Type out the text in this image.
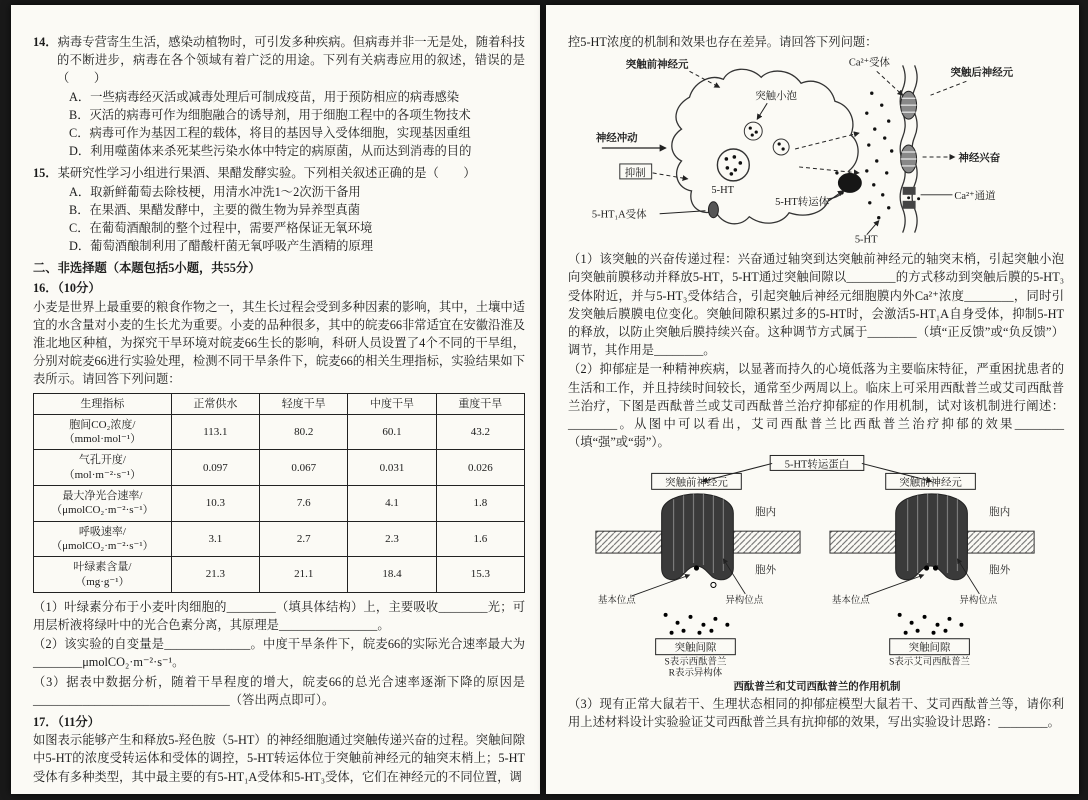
14．病毒专营寄生生活，感染动植物时，可引发多种疾病。但病毒并非一无是处，随着科技的不断进步，病毒在各个领域有着广泛的用途。下列有关病毒应用的叙述，错误的是（　　）

A．一些病毒经灭活或减毒处理后可制成疫苗，用于预防相应的病毒感染

B．灭活的病毒可作为细胞融合的诱导剂，用于细胞工程中的各项生物技术

C．病毒可作为基因工程的载体，将目的基因导入受体细胞，实现基因重组

D．利用噬菌体来杀死某些污染水体中特定的病原菌，从而达到消毒的目的

15．某研究性学习小组进行果酒、果醋发酵实验。下列相关叙述正确的是（　　）

A．取新鲜葡萄去除枝梗，用清水冲洗1～2次沥干备用

B．在果酒、果醋发酵中，主要的微生物为异养型真菌

C．在葡萄酒酿制的整个过程中，需要严格保证无氧环境

D．葡萄酒酿制利用了醋酸杆菌无氧呼吸产生酒精的原理

二、非选择题（本题包括5小题，共55分）

16．（10分）

小麦是世界上最重要的粮食作物之一，其生长过程会受到多种因素的影响，其中，土壤中适宜的水含量对小麦的生长尤为重要。小麦的品种很多，其中的皖麦66非常适宜在安徽沿淮及淮北地区种植，为探究干旱环境对皖麦66生长的影响，科研人员设置了4个不同的干旱组，分别对皖麦66进行实验处理，检测不同干旱条件下，皖麦66的相关生理指标，实验结果如下表所示。请回答下列问题：

生理指标	正常供水	轻度干旱	中度干旱	重度干旱

胞间CO₂浓度/
（mmol·mol⁻¹）	113.1	80.2	60.1	43.2

气孔开度/
（mol·m⁻²·s⁻¹）	0.097	0.067	0.031	0.026

最大净光合速率/
（μmolCO₂·m⁻²·s⁻¹）	10.3	7.6	4.1	1.8

呼吸速率/
（μmolCO₂·m⁻²·s⁻¹）	3.1	2.7	2.3	1.6

叶绿素含量/
（mg·g⁻¹）	21.3	21.1	18.4	15.3

（1）叶绿素分布于小麦叶肉细胞的________（填具体结构）上，主要吸收________光；可用层析液将绿叶中的光合色素分离，其原理是________________。

（2）该实验的自变量是______________。中度干旱条件下，皖麦66的实际光合速率最大为________μmolCO₂·m⁻²·s⁻¹。

（3）据表中数据分析，随着干旱程度的增大，皖麦66的总光合速率逐渐下降的原因是________________________________（答出两点即可）。

17．（11分）

如图表示能够产生和释放5-羟色胺（5-HT）的神经细胞通过突触传递兴奋的过程。突触间隙中5-HT的浓度受转运体和受体的调控，5-HT转运体位于突触前神经元的轴突末梢上；5-HT受体有多种类型，其中最主要的有5-HT₁A受体和5-HT₃受体，它们在神经元的不同位置，调

控5-HT浓度的机制和效果也存在差异。请回答下列问题：

突触前神经元	Ca²⁺受体
突触后神经元
突触小泡
神经冲动
抑制
5-HT₁A受体
5-HT
5-HT转运体
神经兴奋
Ca²⁺通道
5-HT

（1）该突触的兴奋传递过程：兴奋通过轴突到达突触前神经元的轴突末梢，引起突触小泡向突触前膜移动并释放5-HT，5-HT通过突触间隙以________的方式移动到突触后膜的5-HT₃受体附近，并与5-HT₃受体结合，引起突触后神经元细胞膜内外Ca²⁺浓度________，同时引发突触后膜膜电位变化。突触间隙积累过多的5-HT时，会激活5-HT₁A自身受体，抑制5-HT的释放，以防止突触后膜持续兴奋。这种调节方式属于________（填“正反馈”或“负反馈”）调节，其作用是________。

（2）抑郁症是一种精神疾病，以显著而持久的心境低落为主要临床特征，严重困扰患者的生活和工作，并且持续时间较长，通常至少两周以上。临床上可采用西酞普兰或艾司西酞普兰治疗，下图是西酞普兰或艾司西酞普兰治疗抑郁症的作用机制，试对该机制进行阐述：________。从图中可以看出，艾司西酞普兰比西酞普兰治疗抑郁的效果________（填“强”或“弱”）。

5-HT转运蛋白
突触前神经元
胞内
胞外
基本位点	异构位点
突触间隙
突触前神经元
胞内
胞外
基本位点	异构位点
突触间隙
S表示西酞普兰
R表示异构体
S表示艾司西酞普兰
西酞普兰和艾司西酞普兰的作用机制

（3）现有正常大鼠若干、生理状态相同的抑郁症模型大鼠若干、艾司西酞普兰等，请你利用上述材料设计实验验证艾司西酞普兰具有抗抑郁的效果，写出实验设计思路：________。
